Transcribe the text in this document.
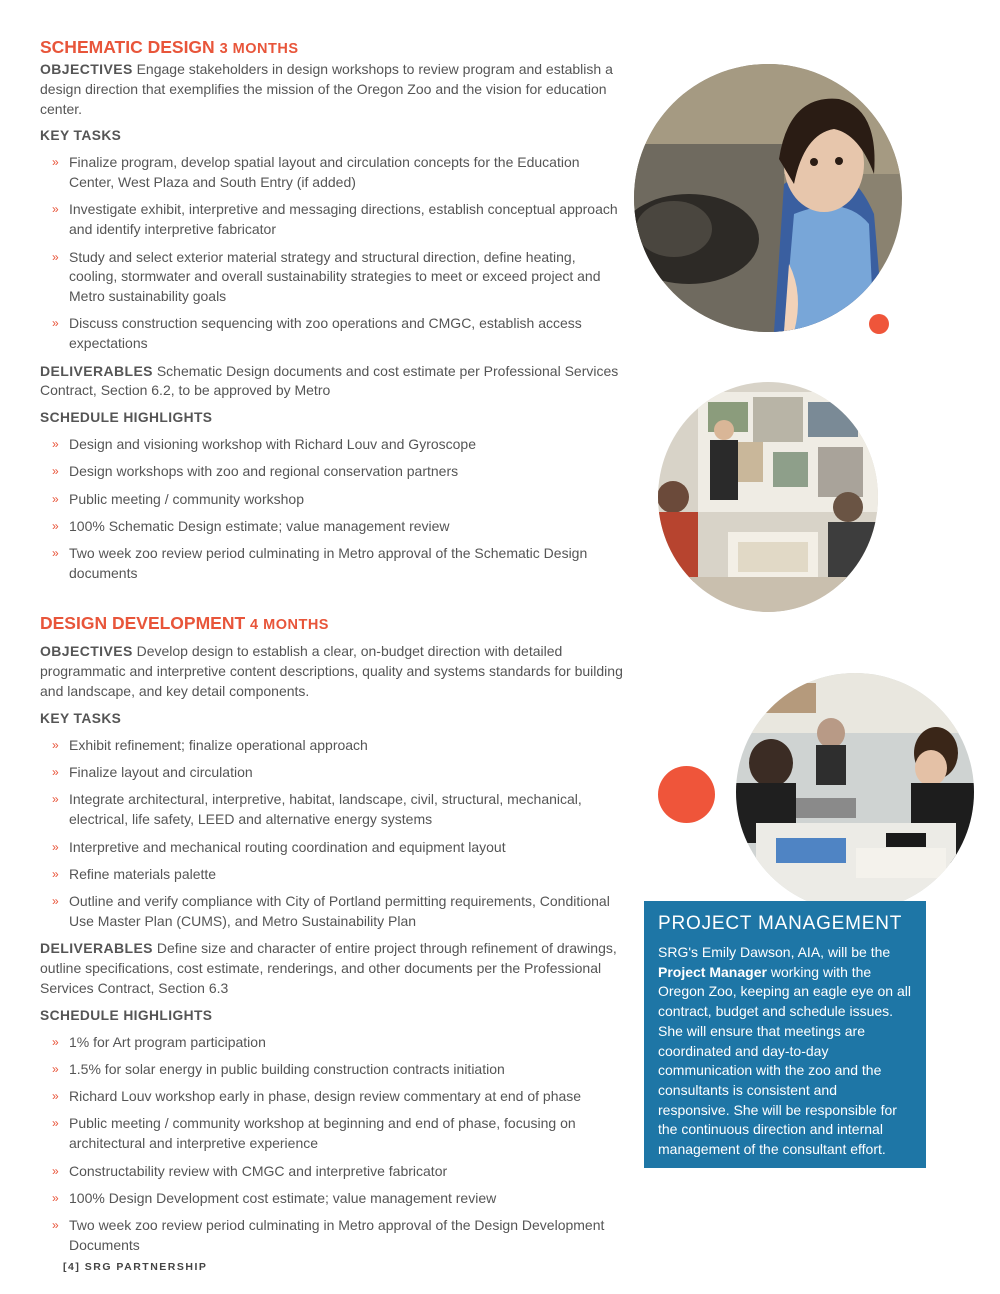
SCHEMATIC DESIGN 3 MONTHS

OBJECTIVES Engage stakeholders in design workshops to review program and establish a design direction that exemplifies the mission of the Oregon Zoo and the vision for education center.

KEY TASKS
» Finalize program, develop spatial layout and circulation concepts for the Education Center, West Plaza and South Entry (if added)
» Investigate exhibit, interpretive and messaging directions, establish conceptual approach and identify interpretive fabricator
» Study and select exterior material strategy and structural direction, define heating, cooling, stormwater and overall sustainability strategies to meet or exceed project and Metro sustainability goals
» Discuss construction sequencing with zoo operations and CMGC, establish access expectations

DELIVERABLES Schematic Design documents and cost estimate per Professional Services Contract, Section 6.2, to be approved by Metro

SCHEDULE HIGHLIGHTS
» Design and visioning workshop with Richard Louv and Gyroscope
» Design workshops with zoo and regional conservation partners
» Public meeting / community workshop
» 100% Schematic Design estimate; value management review
» Two week zoo review period culminating in Metro approval of the Schematic Design documents
DESIGN DEVELOPMENT 4 MONTHS

OBJECTIVES Develop design to establish a clear, on-budget direction with detailed programmatic and interpretive content descriptions, quality and systems standards for building and landscape, and key detail components.

KEY TASKS
» Exhibit refinement; finalize operational approach
» Finalize layout and circulation
» Integrate architectural, interpretive, habitat, landscape, civil, structural, mechanical, electrical, life safety, LEED and alternative energy systems
» Interpretive and mechanical routing coordination and equipment layout
» Refine materials palette
» Outline and verify compliance with City of Portland permitting requirements, Conditional Use Master Plan (CUMS), and Metro Sustainability Plan

DELIVERABLES Define size and character of entire project through refinement of drawings, outline specifications, cost estimate, renderings, and other documents per the Professional Services Contract, Section 6.3

SCHEDULE HIGHLIGHTS
» 1% for Art program participation
» 1.5% for solar energy in public building construction contracts initiation
» Richard Louv workshop early in phase, design review commentary at end of phase
» Public meeting / community workshop at beginning and end of phase, focusing on architectural and interpretive experience
» Constructability review with CMGC and interpretive fabricator
» 100% Design Development cost estimate; value management review
» Two week zoo review period culminating in Metro approval of the Design Development Documents
PROJECT MANAGEMENT
SRG's Emily Dawson, AIA, will be the Project Manager working with the Oregon Zoo, keeping an eagle eye on all contract, budget and schedule issues. She will ensure that meetings are coordinated and day-to-day communication with the zoo and the consultants is consistent and responsive. She will be responsible for the continuous direction and internal management of the consultant effort.
[4] SRG PARTNERSHIP
